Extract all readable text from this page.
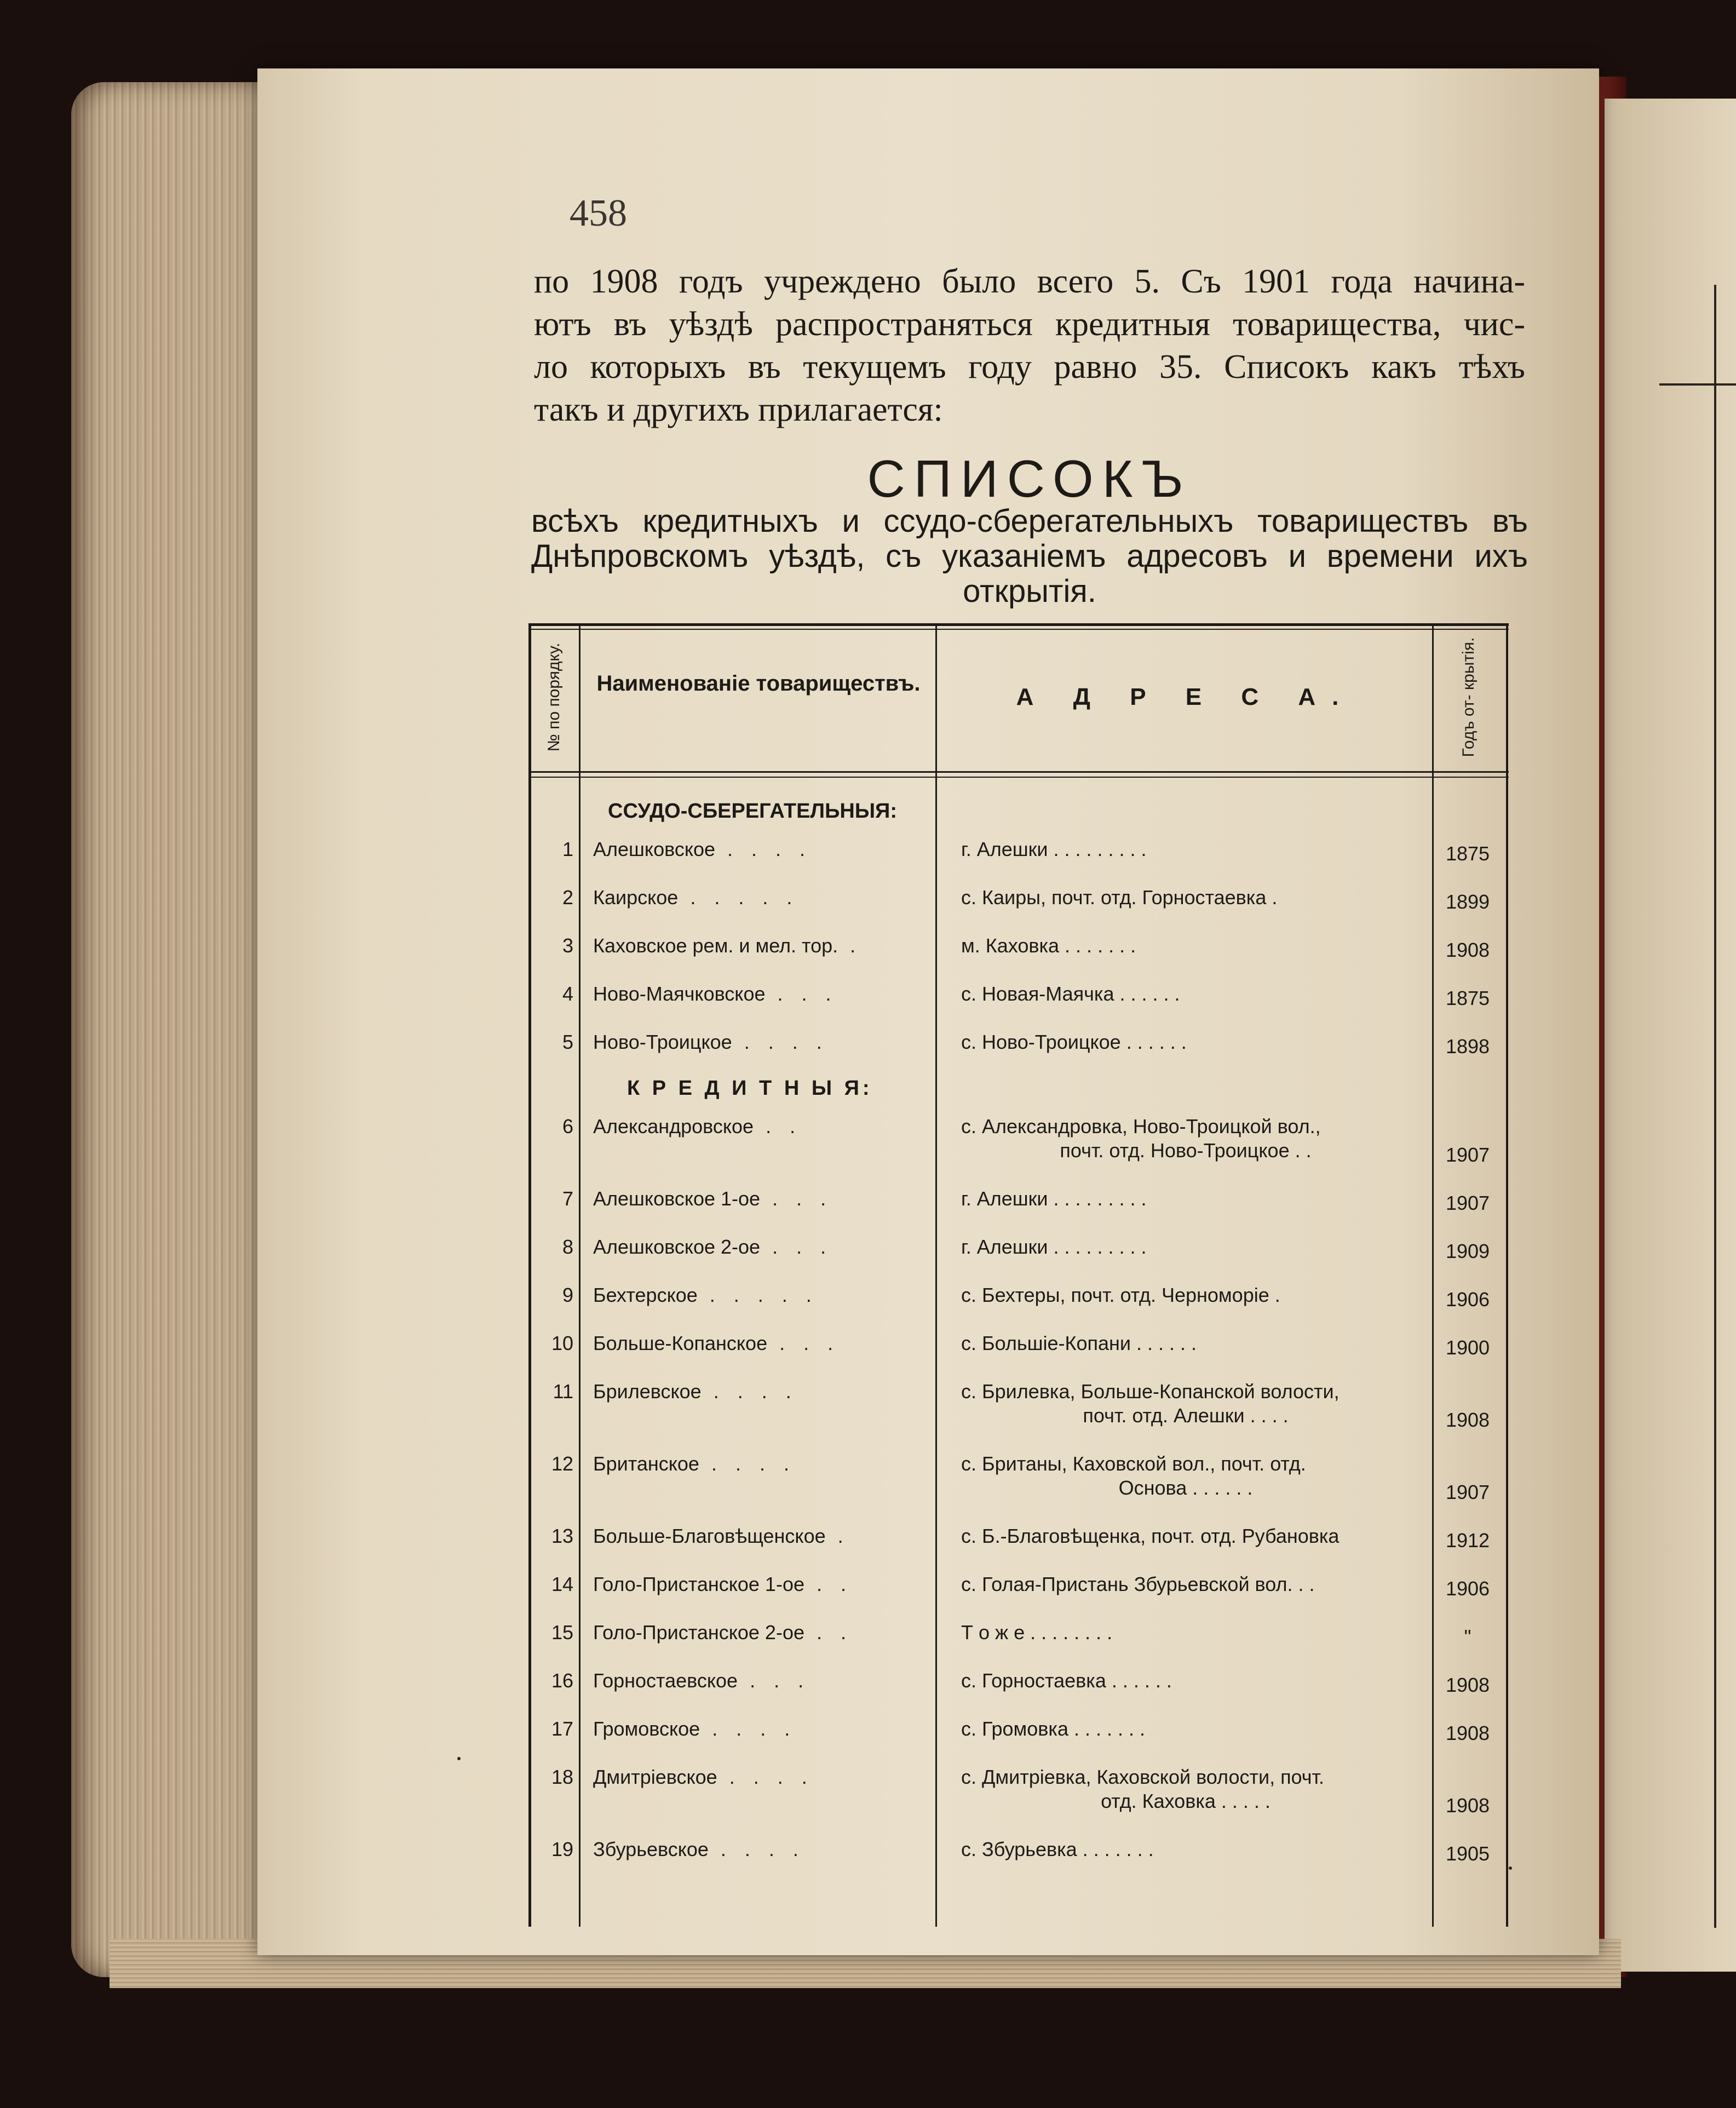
458
по 1908 годъ учреждено было всего 5. Съ 1901 года начина-
ютъ въ уѣздѣ распространяться кредитныя товарищества, чис-
ло которыхъ въ текущемъ году равно 35. Списокъ какъ тѣхъ
такъ и другихъ прилагается:
СПИСОКЪ
всѣхъ кредитныхъ и ссудо-сберегательныхъ товариществъ въ
Днѣпровскомъ уѣздѣ, съ указаніемъ адресовъ и времени ихъ
открытія.
№ по порядку.	Наименованіе товариществъ.	А Д Р Е С А.	Годъ от- крытія.
ССУДО-СБЕРЕГАТЕЛЬНЫЯ:
1 Алешковское . . . .	г. Алешки . . . . . . . . .	1875
2 Каирское . . . . .	с. Каиры, почт. отд. Горностаевка .	1899
3 Каховское рем. и мел. тор. .	м. Каховка . . . . . . .	1908
4 Ново-Маячковское . . .	с. Новая-Маячка . . . . . .	1875
5 Ново-Троицкое . . . .	с. Ново-Троицкое . . . . . .	1898
К Р Е Д И Т Н Ы Я:
6 Александровское . .	с. Александровка, Ново-Троицкой вол.,
почт. отд. Ново-Троицкое . .	1907
7 Алешковское 1-ое . . .	г. Алешки . . . . . . . . .	1907
8 Алешковское 2-ое . . .	г. Алешки . . . . . . . . .	1909
9 Бехтерское . . . . .	с. Бехтеры, почт. отд. Черноморіе .	1906
10 Больше-Копанское . . .	с. Большіе-Копани . . . . . .	1900
11 Брилевское . . . .	с. Брилевка, Больше-Копанской волости,
почт. отд. Алешки . . . .	1908
12 Британское . . . .	с. Британы, Каховской вол., почт. отд.
Основа . . . . . .	1907
13 Больше-Благовѣщенское .	с. Б.-Благовѣщенка, почт. отд. Рубановка	1912
14 Голо-Пристанское 1-ое . .	с. Голая-Пристань Збурьевской вол. . .	1906
15 Голо-Пристанское 2-ое . .	Т о ж е . . . . . . . .	"
16 Горностаевское . . .	с. Горностаевка . . . . . .	1908
17 Громовское . . . .	с. Громовка . . . . . . .	1908
18 Дмитріевское . . . .	с. Дмитріевка, Каховской волости, почт.
отд. Каховка . . . . .	1908
19 Збурьевское . . . .	с. Збурьевка . . . . . . .	1905
